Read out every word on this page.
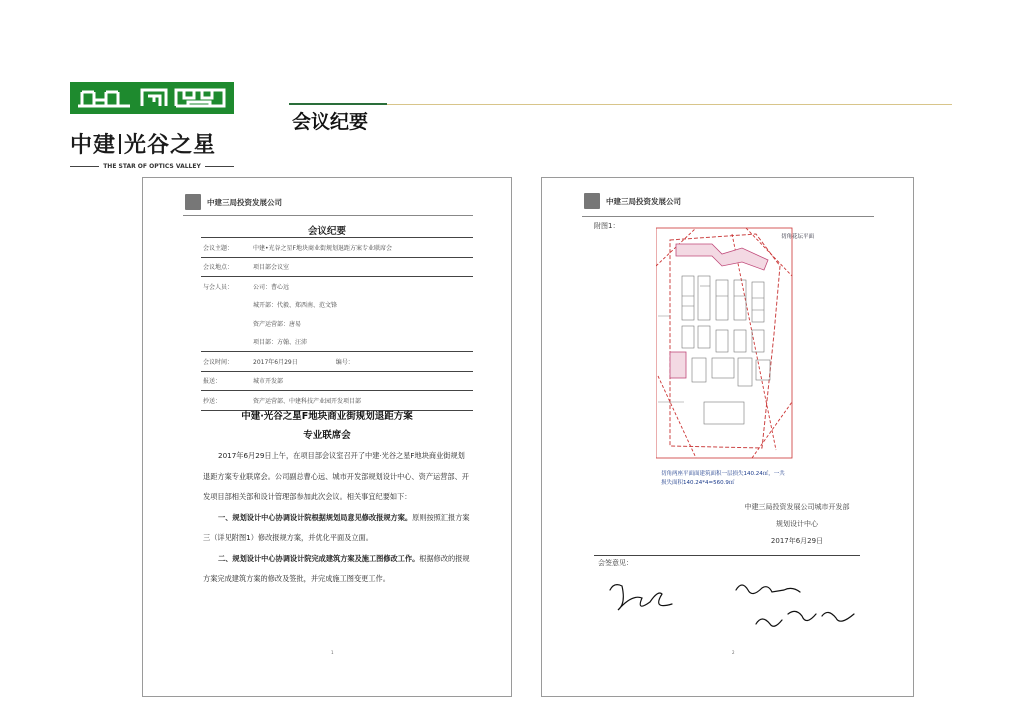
中建 光谷之星
THE STAR OF OPTICS VALLEY
会议纪要
中建三局投资发展公司
会议纪要
会议主题：	中建•光谷之星F地块商业街规划退距方案专业联席会
会议地点：	项目部会议室
与会人员：	公司：曹心远
	城开部：代毅、郑西南、范文锋
	资产运营部：唐易
	项目部：方翰、汪沛
会议时间：	2017年6月29日 编号：
报送：	城市开发部
抄送：	资产运营部、中建科技产业园开发项目部
中建·光谷之星F地块商业街规划退距方案
专业联席会

2017年6月29日上午，在项目部会议室召开了中建·光谷之星F地块商业街规划退距方案专业联席会。公司副总曹心远、城市开发部规划设计中心、资产运营部、开发项目部相关部和设计管理部参加此次会议。相关事宜纪要如下：

一、规划设计中心协调设计院根据规划局意见修改报规方案。原则按照汇报方案三（详见附图1）修改报规方案，并优化平面及立面。

二、规划设计中心协调设计院完成建筑方案及施工图修改工作。根据修改的报规方案完成建筑方案的修改及签批，并完成施工图变更工作。

1
中建三局投资发展公司
附图1：
切角花坛平面
切角两座平面面建筑面积一层损失140.24㎡，一共
损失面积140.24*4=560.9㎡
中建三局投资发展公司城市开发部
规划设计中心
2017年6月29日
会签意见：
2
